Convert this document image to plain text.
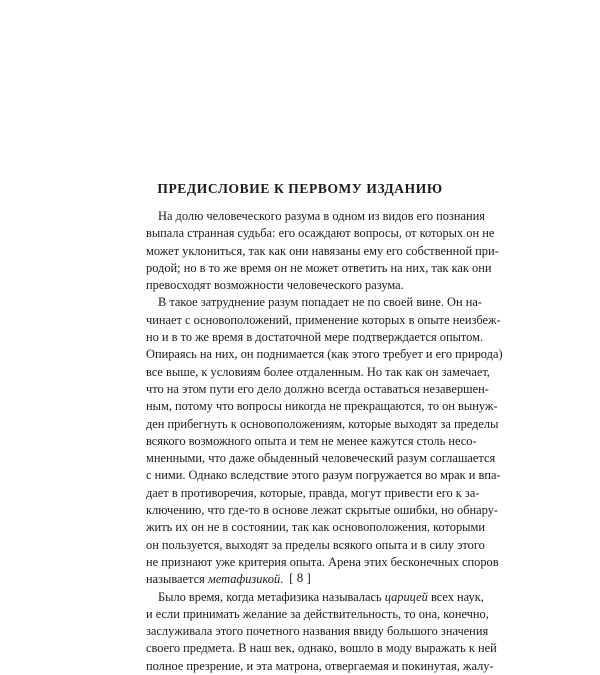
ПРЕДИСЛОВИЕ К ПЕРВОМУ ИЗДАНИЮ
На долю человеческого разума в одном из видов его познания
выпала странная судьба: его осаждают вопросы, от которых он не
может уклониться, так как они навязаны ему его собственной при-
родой; но в то же время он не может ответить на них, так как они
превосходят возможности человеческого разума.
В такое затруднение разум попадает не по своей вине. Он на-
чинает с основоположений, применение которых в опыте неизбеж-
но и в то же время в достаточной мере подтверждается опытом.
Опираясь на них, он поднимается (как этого требует и его природа)
все выше, к условиям более отдаленным. Но так как он замечает,
что на этом пути его дело должно всегда оставаться незавершен-
ным, потому что вопросы никогда не прекращаются, то он вынуж-
ден прибегнуть к основоположениям, которые выходят за пределы
всякого возможного опыта и тем не менее кажутся столь несо-
мненными, что даже обыденный человеческий разум соглашается
с ними. Однако вследствие этого разум погружается во мрак и впа-
дает в противоречия, которые, правда, могут привести его к за-
ключению, что где-то в основе лежат скрытые ошибки, но обнару-
жить их он не в состоянии, так как основоположения, которыми
он пользуется, выходят за пределы всякого опыта и в силу этого
не признают уже критерия опыта. Арена этих бесконечных споров
называется метафизикой.
Было время, когда метафизика называлась царицей всех наук,
и если принимать желание за действительность, то она, конечно,
заслуживала этого почетного названия ввиду большого значения
своего предмета. В наш век, однако, вошло в моду выражать к ней
полное презрение, и эта матрона, отвергаемая и покинутая, жалу-
[ 8 ]
